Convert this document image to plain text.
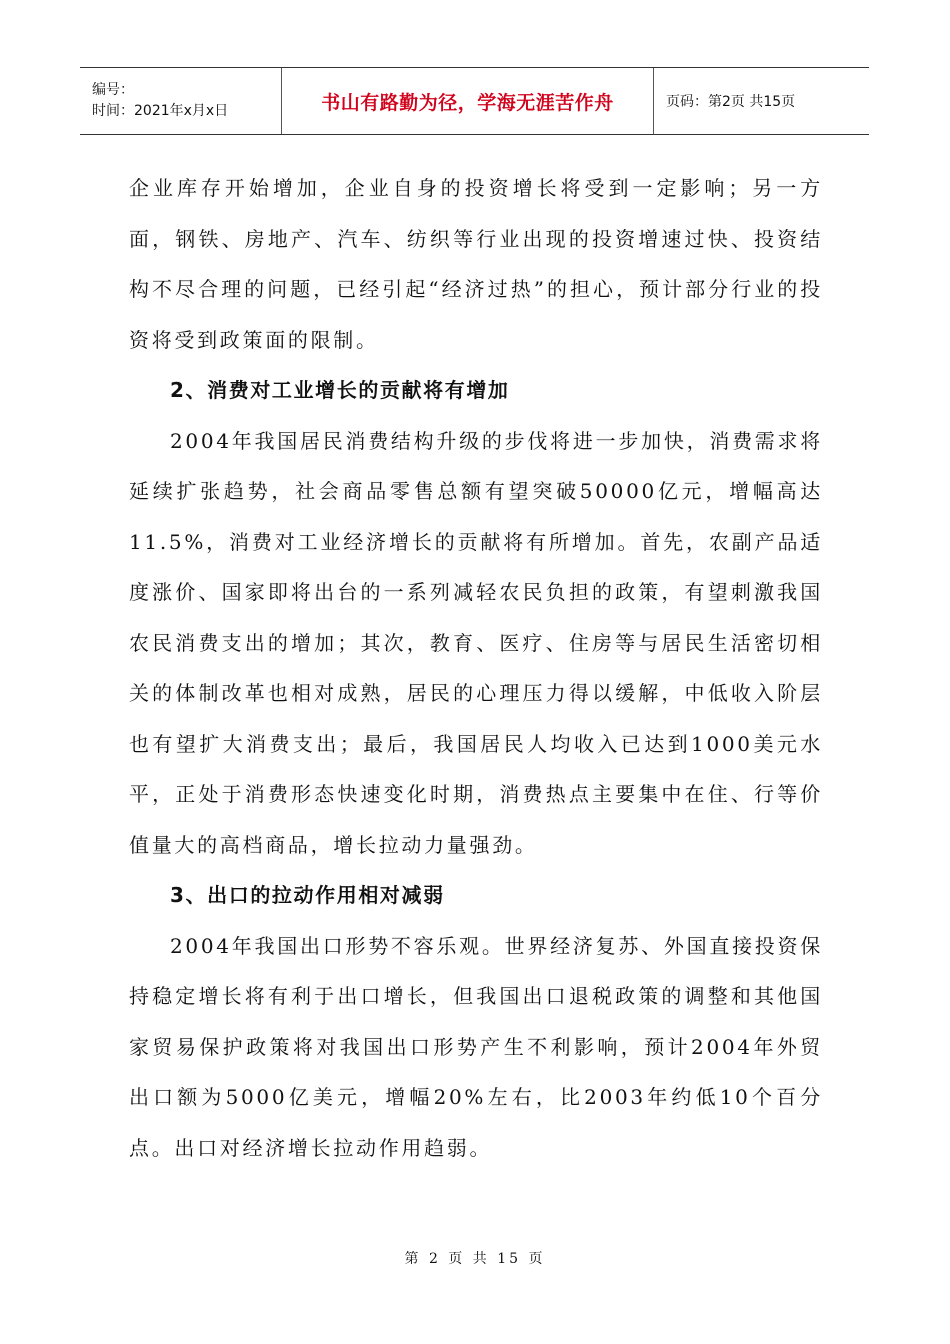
编号：
时间：2021年x月x日	书山有路勤为径，学海无涯苦作舟	页码：第2页 共15页

企业库存开始增加，企业自身的投资增长将受到一定影响；另一方面，钢铁、房地产、汽车、纺织等行业出现的投资增速过快、投资结构不尽合理的问题，已经引起“经济过热”的担心，预计部分行业的投资将受到政策面的限制。

2、消费对工业增长的贡献将有增加

2004年我国居民消费结构升级的步伐将进一步加快，消费需求将延续扩张趋势，社会商品零售总额有望突破50000亿元，增幅高达11.5%，消费对工业经济增长的贡献将有所增加。首先，农副产品适度涨价、国家即将出台的一系列减轻农民负担的政策，有望刺激我国农民消费支出的增加；其次，教育、医疗、住房等与居民生活密切相关的体制改革也相对成熟，居民的心理压力得以缓解，中低收入阶层也有望扩大消费支出；最后，我国居民人均收入已达到1000美元水平，正处于消费形态快速变化时期，消费热点主要集中在住、行等价值量大的高档商品，增长拉动力量强劲。

3、出口的拉动作用相对减弱

2004年我国出口形势不容乐观。世界经济复苏、外国直接投资保持稳定增长将有利于出口增长，但我国出口退税政策的调整和其他国家贸易保护政策将对我国出口形势产生不利影响，预计2004年外贸出口额为5000亿美元，增幅20%左右，比2003年约低10个百分点。出口对经济增长拉动作用趋弱。

第 2 页 共 15 页
